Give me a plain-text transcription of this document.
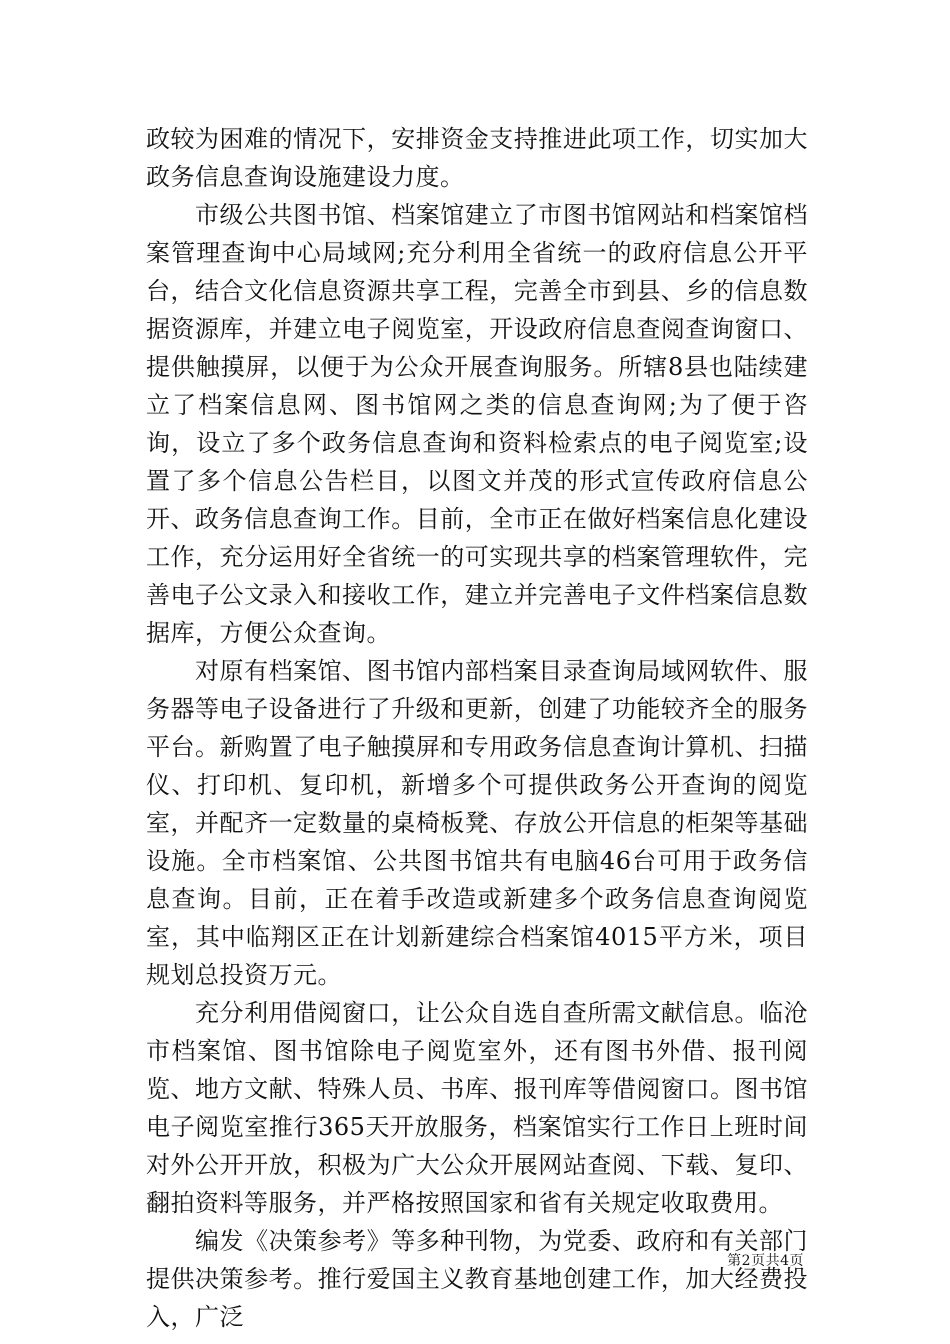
政较为困难的情况下，安排资金支持推进此项工作，切实加大政务信息查询设施建设力度。

　　市级公共图书馆、档案馆建立了市图书馆网站和档案馆档案管理查询中心局域网;充分利用全省统一的政府信息公开平台，结合文化信息资源共享工程，完善全市到县、乡的信息数据资源库，并建立电子阅览室，开设政府信息查阅查询窗口、提供触摸屏，以便于为公众开展查询服务。所辖8县也陆续建立了档案信息网、图书馆网之类的信息查询网;为了便于咨询，设立了多个政务信息查询和资料检索点的电子阅览室;设置了多个信息公告栏目，以图文并茂的形式宣传政府信息公开、政务信息查询工作。目前，全市正在做好档案信息化建设工作，充分运用好全省统一的可实现共享的档案管理软件，完善电子公文录入和接收工作，建立并完善电子文件档案信息数据库，方便公众查询。

　　对原有档案馆、图书馆内部档案目录查询局域网软件、服务器等电子设备进行了升级和更新，创建了功能较齐全的服务平台。新购置了电子触摸屏和专用政务信息查询计算机、扫描仪、打印机、复印机，新增多个可提供政务公开查询的阅览室，并配齐一定数量的桌椅板凳、存放公开信息的柜架等基础设施。全市档案馆、公共图书馆共有电脑46台可用于政务信息查询。目前，正在着手改造或新建多个政务信息查询阅览室，其中临翔区正在计划新建综合档案馆4015平方米，项目规划总投资万元。

　　充分利用借阅窗口，让公众自选自查所需文献信息。临沧市档案馆、图书馆除电子阅览室外，还有图书外借、报刊阅览、地方文献、特殊人员、书库、报刊库等借阅窗口。图书馆电子阅览室推行365天开放服务，档案馆实行工作日上班时间对外公开开放，积极为广大公众开展网站查阅、下载、复印、翻拍资料等服务，并严格按照国家和省有关规定收取费用。

　　编发《决策参考》等多种刊物，为党委、政府和有关部门提供决策参考。推行爱国主义教育基地创建工作，加大经费投入，广泛

第2页共4页
